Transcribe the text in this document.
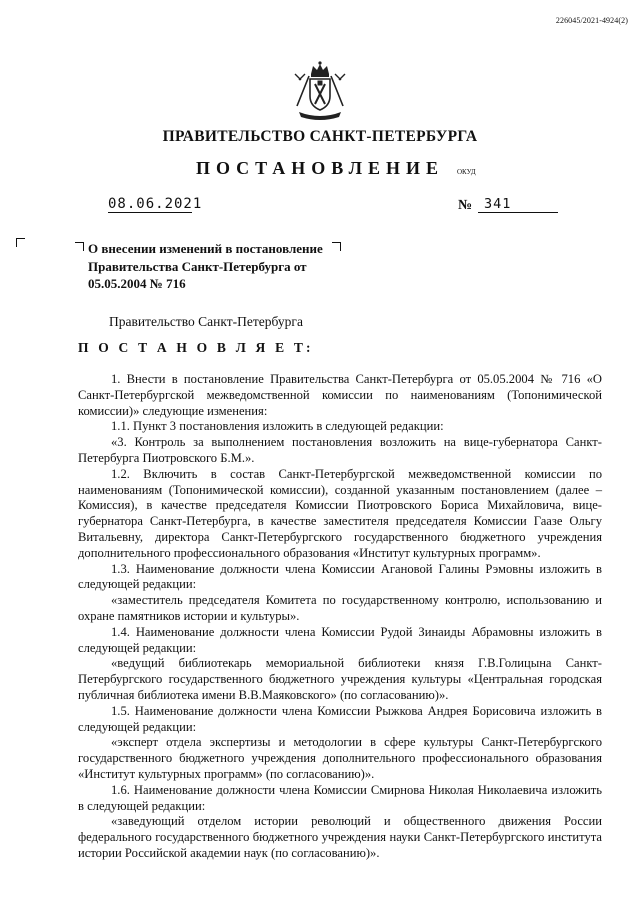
226045/2021-4924(2)
ПРАВИТЕЛЬСТВО САНКТ-ПЕТЕРБУРГА
ПОСТАНОВЛЕНИЕ	ОКУД
08.06.2021	№ 341
О внесении изменений в постановление Правительства Санкт-Петербурга от 05.05.2004 № 716
Правительство Санкт-Петербурга
П О С Т А Н О В Л Я Е Т:

1. Внести в постановление Правительства Санкт-Петербурга от 05.05.2004 № 716 «О Санкт-Петербургской межведомственной комиссии по наименованиям (Топонимической комиссии)» следующие изменения:

1.1. Пункт 3 постановления изложить в следующей редакции:

«3. Контроль за выполнением постановления возложить на вице-губернатора Санкт-Петербурга Пиотровского Б.М.».

1.2. Включить в состав Санкт-Петербургской межведомственной комиссии по наименованиям (Топонимической комиссии), созданной указанным постановлением (далее – Комиссия), в качестве председателя Комиссии Пиотровского Бориса Михайловича, вице-губернатора Санкт-Петербурга, в качестве заместителя председателя Комиссии Гаазе Ольгу Витальевну, директора Санкт-Петербургского государственного бюджетного учреждения дополнительного профессионального образования «Институт культурных программ».

1.3. Наименование должности члена Комиссии Агановой Галины Рэмовны изложить в следующей редакции:

«заместитель председателя Комитета по государственному контролю, использованию и охране памятников истории и культуры».

1.4. Наименование должности члена Комиссии Рудой Зинаиды Абрамовны изложить в следующей редакции:

«ведущий библиотекарь мемориальной библиотеки князя Г.В.Голицына Санкт-Петербургского государственного бюджетного учреждения культуры «Центральная городская публичная библиотека имени В.В.Маяковского» (по согласованию)».

1.5. Наименование должности члена Комиссии Рыжкова Андрея Борисовича изложить в следующей редакции:

«эксперт отдела экспертизы и методологии в сфере культуры Санкт-Петербургского государственного бюджетного учреждения дополнительного профессионального образования «Институт культурных программ» (по согласованию)».

1.6. Наименование должности члена Комиссии Смирнова Николая Николаевича изложить в следующей редакции:

«заведующий отделом истории революций и общественного движения России федерального государственного бюджетного учреждения науки Санкт-Петербургского института истории Российской академии наук (по согласованию)».
